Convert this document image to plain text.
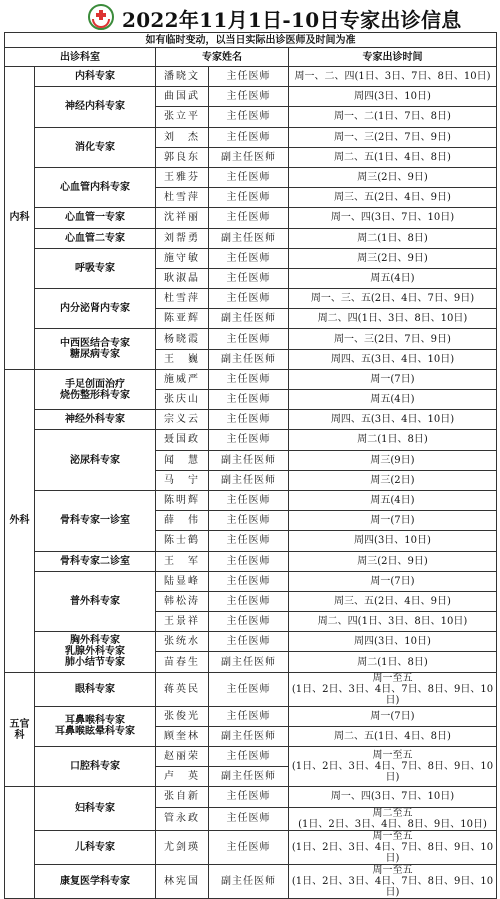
2022年11月1日-10日专家出诊信息
如有临时变动，以当日实际出诊医师及时间为准				
出诊科室		专家姓名		专家出诊时间
内科	内科专家	潘晓文	主任医师	周一、二、四(1日、3日、7日、8日、10日)
	神经内科专家	曲国武	主任医师	周四(3日、10日)
		张立平	主任医师	周一、二(1日、7日、8日)
	消化专家	刘　杰	主任医师	周一、三(2日、7日、9日)
		郭良东	副主任医师	周二、五(1日、4日、8日)
	心血管内科专家	王雅芬	主任医师	周三(2日、9日)
		杜雪萍	主任医师	周三、五(2日、4日、9日)
	心血管一专家	沈祥丽	主任医师	周一、四(3日、7日、10日)
	心血管二专家	刘帮勇	副主任医师	周二(1日、8日)
	呼吸专家	施守敏	主任医师	周三(2日、9日)
		耿淑晶	主任医师	周五(4日)
	内分泌肾内专家	杜雪萍	主任医师	周一、三、五(2日、4日、7日、9日)
		陈亚辉	副主任医师	周二、四(1日、3日、8日、10日)
	中西医结合专家
糖尿病专家	杨晓霞	主任医师	周一、三(2日、7日、9日)
		王　巍	副主任医师	周四、五(3日、4日、10日)
外科	手足创面治疗
烧伤整形科专家	施威严	主任医师	周一(7日)
		张庆山	主任医师	周五(4日)
	神经外科专家	宗义云	主任医师	周四、五(3日、4日、10日)
	泌尿科专家	聂国政	主任医师	周二(1日、8日)
		闻　慧	副主任医师	周三(9日)
		马　宁	副主任医师	周三(2日)
	骨科专家一诊室	陈明辉	主任医师	周五(4日)
		薛　伟	主任医师	周一(7日)
		陈士鹤	主任医师	周四(3日、10日)
	骨科专家二诊室	王　军	主任医师	周三(2日、9日)
	普外科专家	陆显峰	主任医师	周一(7日)
		韩松涛	主任医师	周三、五(2日、4日、9日)
		王景祥	主任医师	周二、四(1日、3日、8日、10日)
	胸外科专家
乳腺外科专家
肺小结节专家	张统水	主任医师	周四(3日、10日)
		苗春生	副主任医师	周二(1日、8日)
五官科	眼科专家	蒋英民	主任医师	周一至五
(1日、2日、3日、4日、7日、8日、9日、10日)
	耳鼻喉科专家
耳鼻喉眩晕科专家	张俊光	主任医师	周一(7日)
		顾奎林	副主任医师	周二、五(1日、4日、8日)
	口腔科专家	赵丽荣	主任医师	周一至五
(1日、2日、3日、4日、7日、8日、9日、10日)
		卢　英	副主任医师	
	妇科专家	张自新	主任医师	周一、四(3日、7日、10日)
		管永政	主任医师	周二至五
(1日、2日、3日、4日、8日、9日、10日)
	儿科专家	尤剑瑛	主任医师	周一至五
(1日、2日、3日、4日、7日、8日、9日、10日)
	康复医学科专家	林宪国	副主任医师	周一至五
(1日、2日、3日、4日、7日、8日、9日、10日)
